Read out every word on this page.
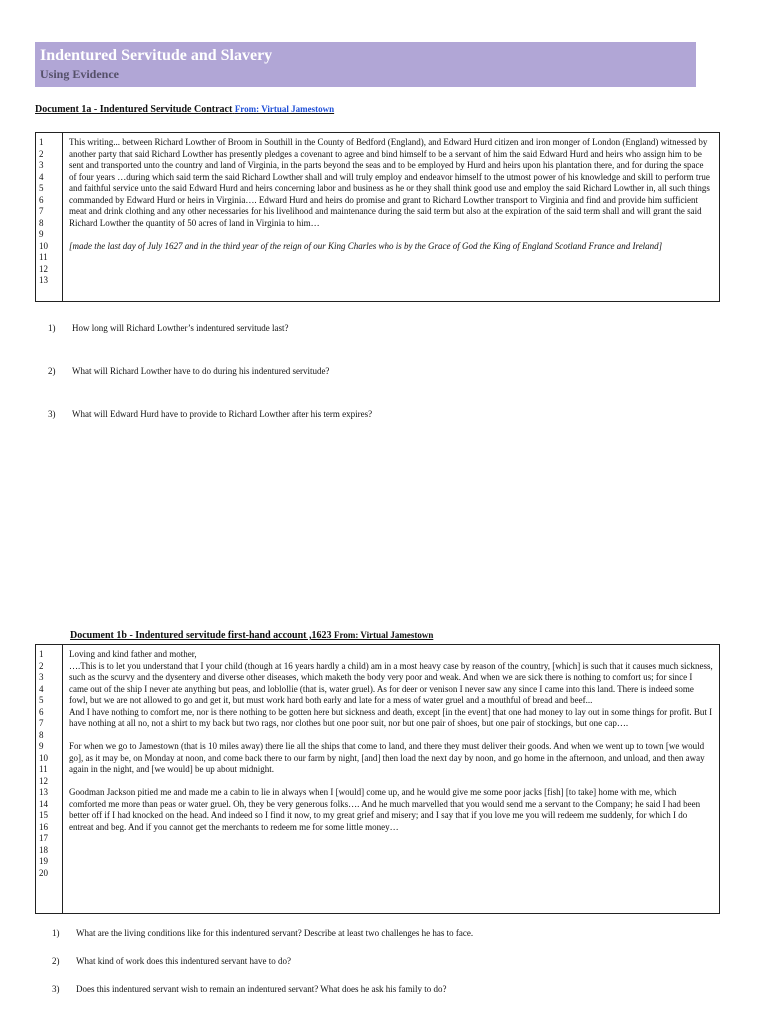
Indentured Servitude and Slavery
Using Evidence
Document 1a - Indentured Servitude Contract From: Virtual Jamestown
1
2
3
4
5
6
7
8
9
10
11
12
13

This writing... between Richard Lowther of Broom in Southill in the County of Bedford (England), and Edward Hurd citizen and iron monger of London (England) witnessed by another party that said Richard Lowther has presently pledges a covenant to agree and bind himself to be a servant of him the said Edward Hurd and heirs who assign him to be sent and transported unto the country and land of Virginia, in the parts beyond the seas and to be employed by Hurd and heirs upon his plantation there, and for during the space of four years …during which said term the said Richard Lowther shall and will truly employ and endeavor himself to the utmost power of his knowledge and skill to perform true and faithful service unto the said Edward Hurd and heirs concerning labor and business as he or they shall think good use and employ the said Richard Lowther in, all such things commanded by Edward Hurd or heirs in Virginia…. Edward Hurd and heirs do promise and grant to Richard Lowther transport to Virginia and find and provide him sufficient meat and drink clothing and any other necessaries for his livelihood and maintenance during the said term but also at the expiration of the said term shall and will grant the said Richard Lowther the quantity of 50 acres of land in Virginia to him…

[made the last day of July 1627 and in the third year of the reign of our King Charles who is by the Grace of God the King of England Scotland France and Ireland]

1) How long will Richard Lowther’s indentured servitude last?
2) What will Richard Lowther have to do during his indentured servitude?
3) What will Edward Hurd have to provide to Richard Lowther after his term expires?
Document 1b - Indentured servitude first-hand account ,1623 From: Virtual Jamestown
1
2
3
4
5
6
7
8
9
10
11
12
13
14
15
16
17
18
19
20

Loving and kind father and mother,

….This is to let you understand that I your child (though at 16 years hardly a child) am in a most heavy case by reason of the country, [which] is such that it causes much sickness, such as the scurvy and the dysentery and diverse other diseases, which maketh the body very poor and weak. And when we are sick there is nothing to comfort us; for since I came out of the ship I never ate anything but peas, and loblollie (that is, water gruel). As for deer or venison I never saw any since I came into this land. There is indeed some fowl, but we are not allowed to go and get it, but must work hard both early and late for a mess of water gruel and a mouthful of bread and beef...

And I have nothing to comfort me, nor is there nothing to be gotten here but sickness and death, except [in the event] that one had money to lay out in some things for profit. But I have nothing at all no, not a shirt to my back but two rags, nor clothes but one poor suit, nor but one pair of shoes, but one pair of stockings, but one cap….

For when we go to Jamestown (that is 10 miles away) there lie all the ships that come to land, and there they must deliver their goods. And when we went up to town [we would go], as it may be, on Monday at noon, and come back there to our farm by night, [and] then load the next day by noon, and go home in the afternoon, and unload, and then away again in the night, and [we would] be up about midnight.

Goodman Jackson pitied me and made me a cabin to lie in always when I [would] come up, and he would give me some poor jacks [fish] [to take] home with me, which comforted me more than peas or water gruel. Oh, they be very generous folks…. And he much marvelled that you would send me a servant to the Company; he said I had been better off if I had knocked on the head. And indeed so I find it now, to my great grief and misery; and I say that if you love me you will redeem me suddenly, for which I do entreat and beg. And if you cannot get the merchants to redeem me for some little money…

1) What are the living conditions like for this indentured servant? Describe at least two challenges he has to face.
2) What kind of work does this indentured servant have to do?
3) Does this indentured servant wish to remain an indentured servant? What does he ask his family to do?
